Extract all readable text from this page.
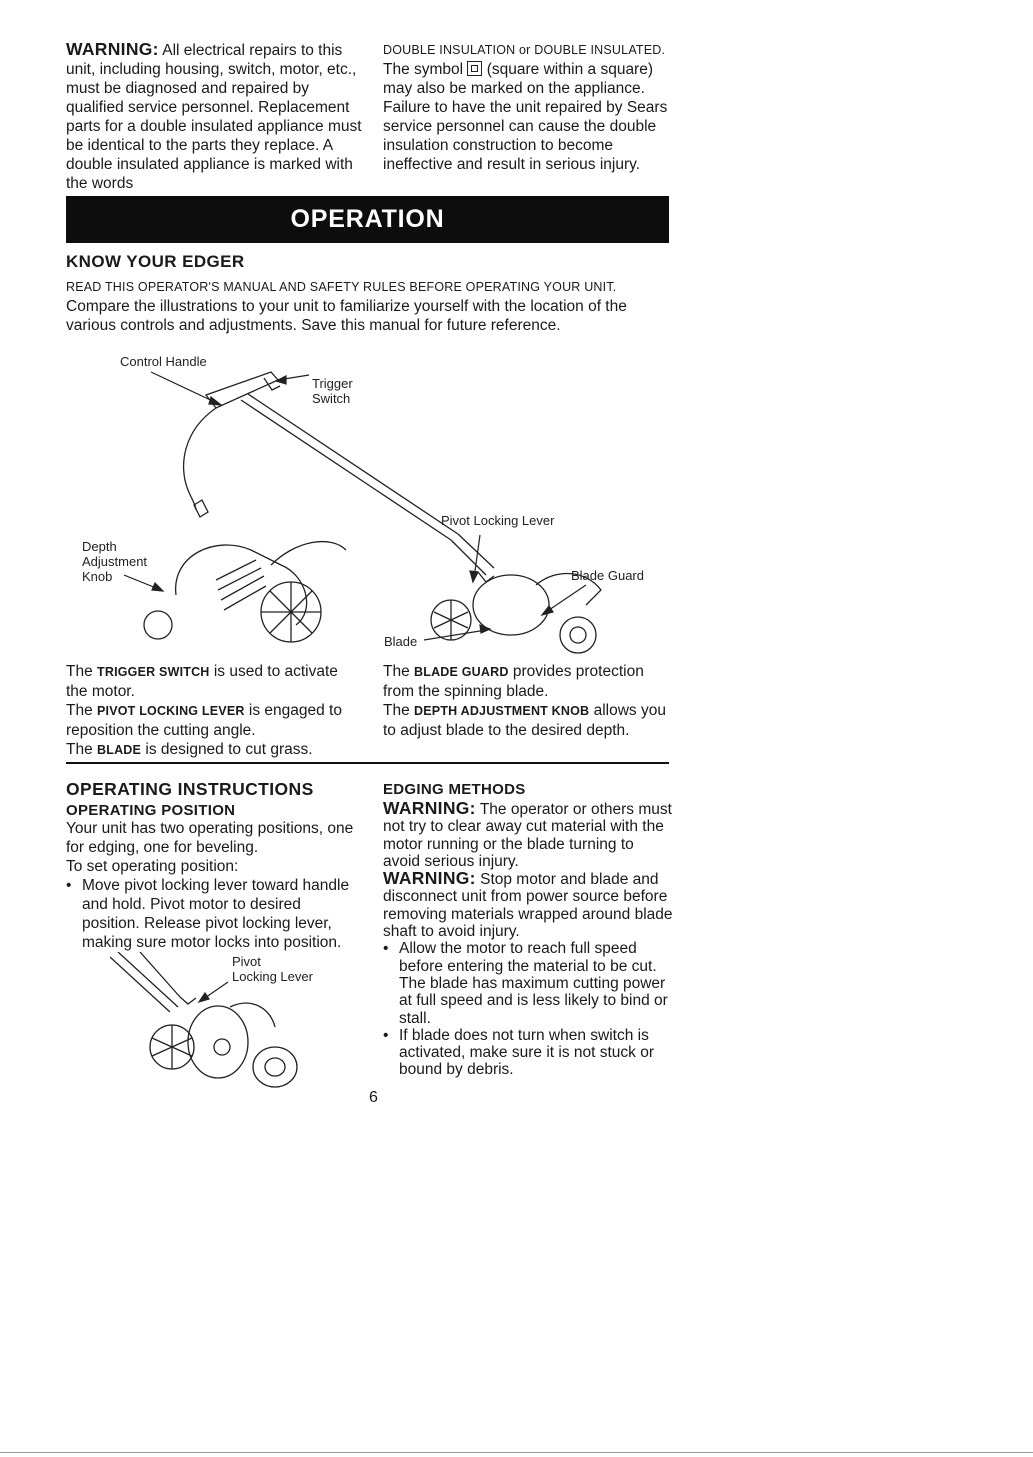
WARNING: All electrical repairs to this unit, including housing, switch, motor, etc., must be diagnosed and repaired by qualified service personnel. Replacement parts for a double insulated appliance must be identical to the parts they replace. A double insulated appliance is marked with the words

DOUBLE INSULATION or DOUBLE INSULATED. The symbol
(square within a square) may also be marked on the appliance. Failure to have the unit repaired by Sears service personnel can cause the double insulation construction to become ineffective and result in serious injury.

OPERATION
KNOW YOUR EDGER

READ THIS OPERATOR'S MANUAL AND SAFETY RULES BEFORE OPERATING YOUR UNIT. Compare the illustrations to your unit to familiarize yourself with the location of the various controls and adjustments. Save this manual for future reference.

Control Handle
Trigger
Switch
Depth
Adjustment
Knob
Pivot Locking Lever
Blade Guard
Blade

The TRIGGER SWITCH is used to activate the motor.

The PIVOT LOCKING LEVER is engaged to reposition the cutting angle.

The BLADE is designed to cut grass.

The BLADE GUARD provides protection from the spinning blade.

The DEPTH ADJUSTMENT KNOB allows you to adjust blade to the desired depth.

OPERATING INSTRUCTIONS
OPERATING POSITION

Your unit has two operating positions, one for edging, one for beveling.

To set operating position:

• Move pivot locking lever toward handle and hold. Pivot motor to desired position. Release pivot locking lever, making sure motor locks into position.
Pivot
Locking Lever
EDGING METHODS

WARNING: The operator or others must not try to clear away cut material with the motor running or the blade turning to avoid serious injury.

WARNING: Stop motor and blade and disconnect unit from power source before removing materials wrapped around blade shaft to avoid injury.

• Allow the motor to reach full speed before entering the material to be cut. The blade has maximum cutting power at full speed and is less likely to bind or stall.
• If blade does not turn when switch is activated, make sure it is not stuck or bound by debris.
6
